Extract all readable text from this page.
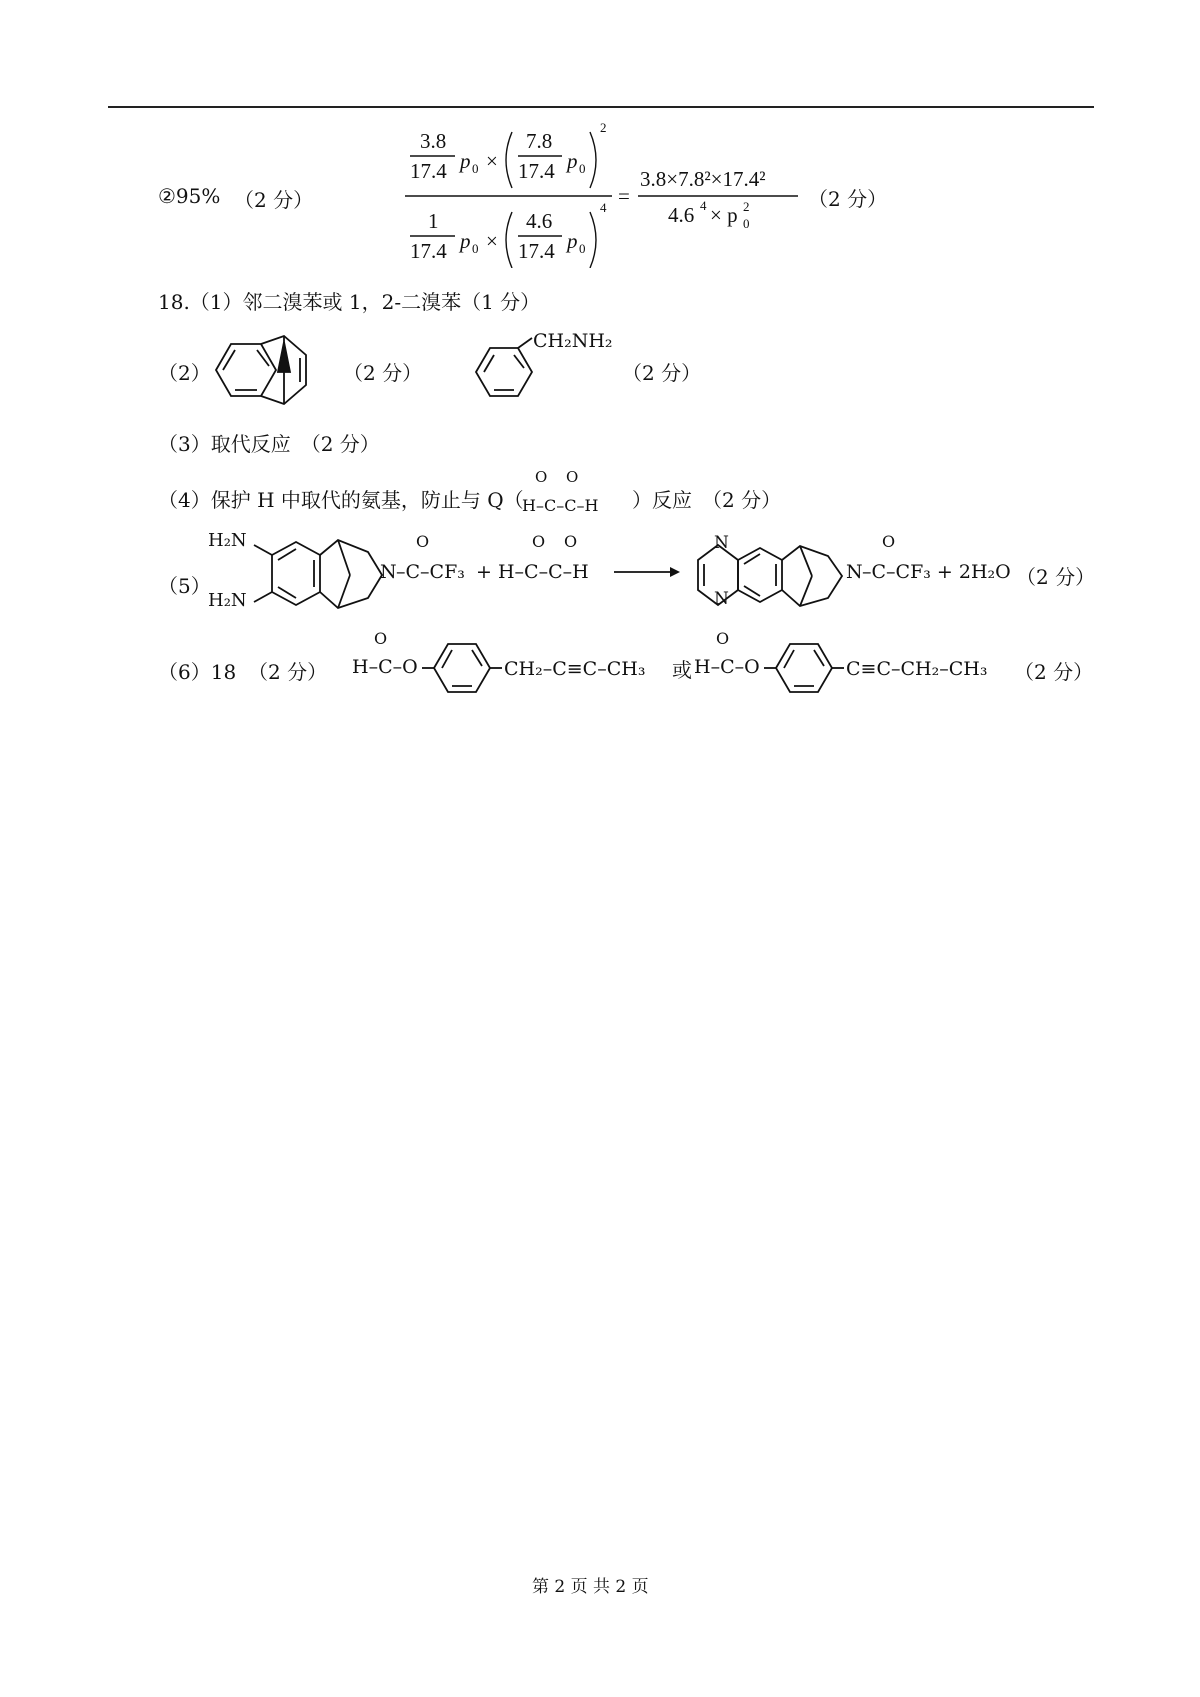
②95% （2 分）
3.8
17.4 p 0 ×
7.8
17.4 p 0
2
1
17.4 p 0 ×
4.6
17.4 p 0
4 =
3.8×7.8²×17.4²
4.6 4 × p 0
2	（2 分）
18.（1）邻二溴苯或 1，2-二溴苯（1 分）
（2）	（2 分）
CH₂NH₂
（2 分）
（3）取代反应　（2 分）
（4）保护 H 中取代的氨基，防止与 Q（
O O
H–C–C–H ）反应　（2 分）
（5）
H₂N
H₂N
N
O
–C–CF₃ + H–C–C–H
O O	N
N
N
O
–C–CF₃ + 2H₂O （2 分）
（6）18 （2 分）
O
H–C–O	CH₂–C≡C–CH₃ 或
O
H–C–O	C≡C–CH₂–CH₃ （2 分）
第 2 页 共 2 页
